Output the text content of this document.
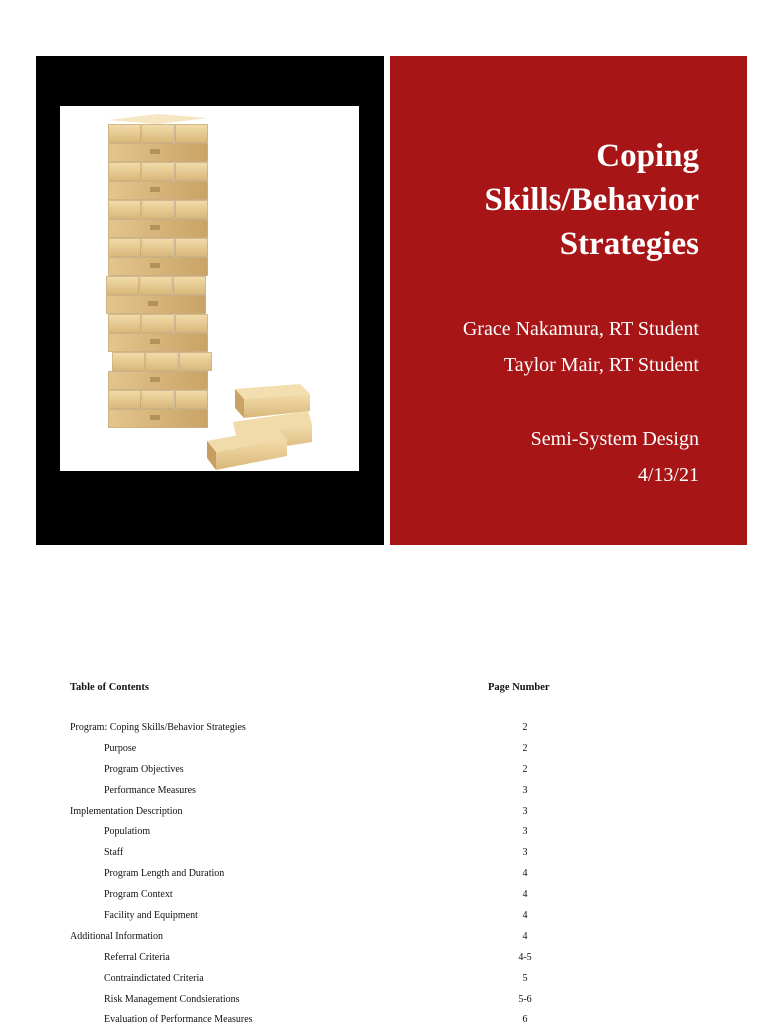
Coping
Skills/Behavior
Strategies
Grace Nakamura, RT Student
Taylor Mair, RT Student
Semi-System Design
4/13/21
Table of Contents	Page Number
Program: Coping Skills/Behavior Strategies	2
Purpose	2
Program Objectives	2
Performance Measures	3
Implementation Description	3
Populatiom	3
Staff	3
Program Length and Duration	4
Program Context	4
Facility and Equipment	4
Additional Information	4
Referral Criteria	4-5
Contraindictated Criteria	5
Risk Management Condsierations	5-6
Evaluation of Performance Measures	6
